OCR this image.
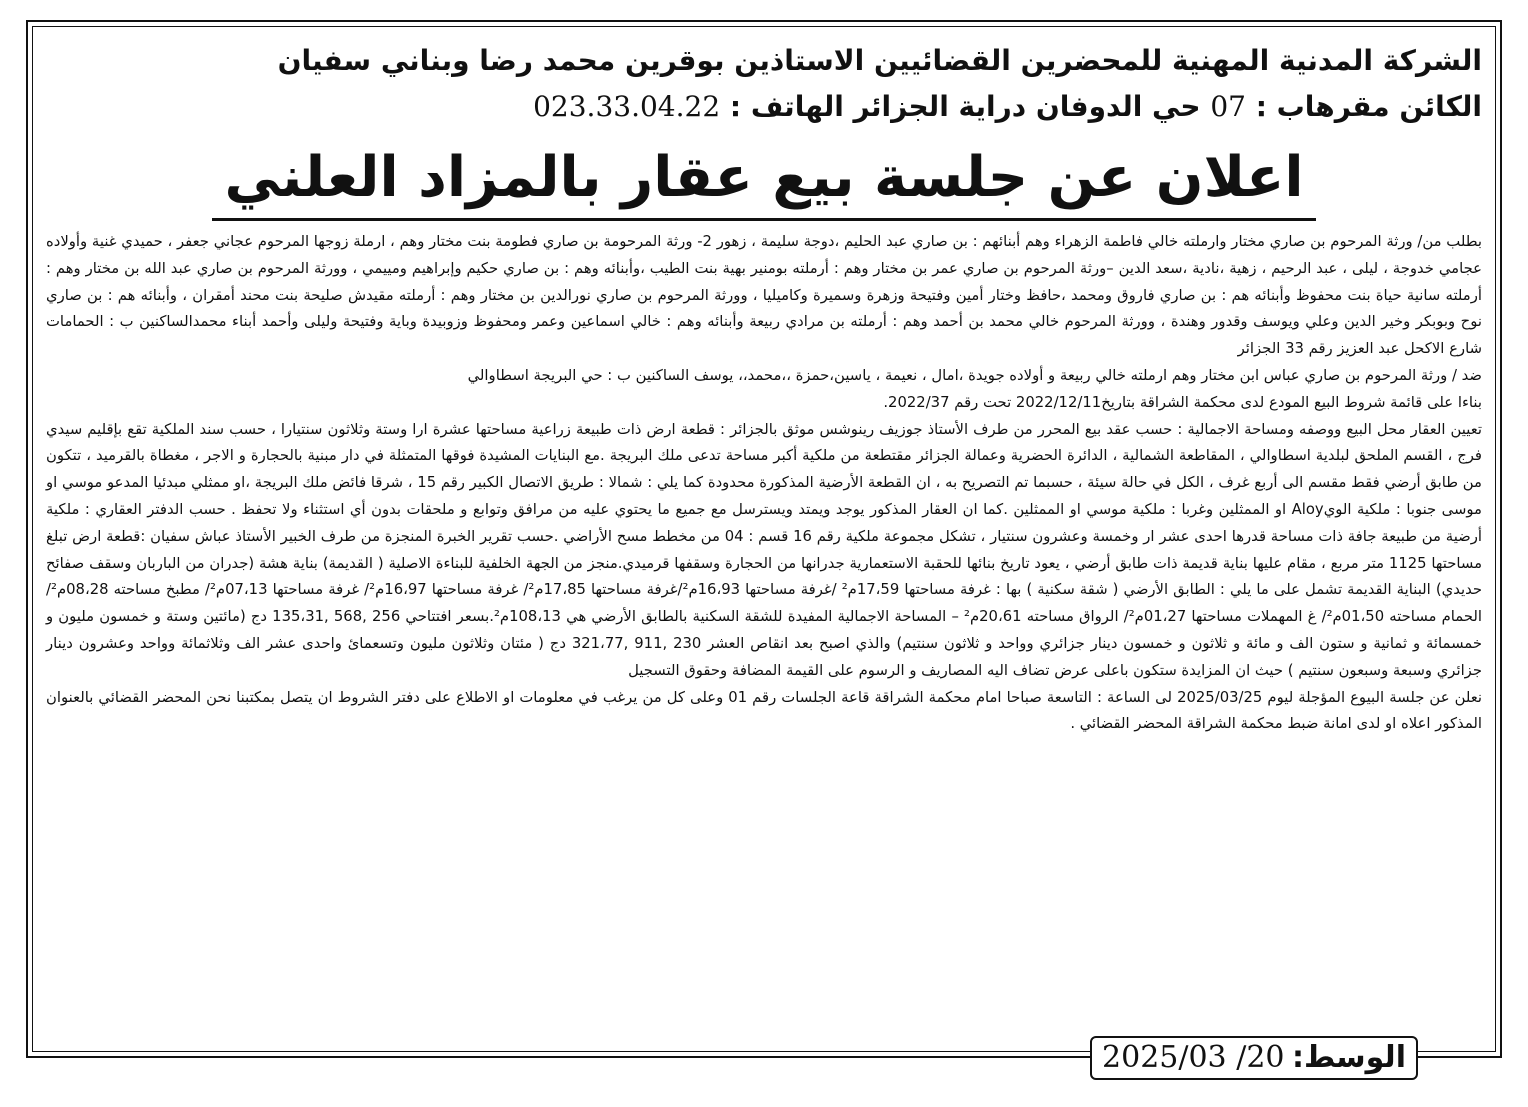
الشركة المدنية المهنية للمحضرين القضائيين الاستاذين بوقرين محمد رضا وبناني سفيان
الكائن مقرهاب : 07 حي الدوفان دراية الجزائر الهاتف : 023.33.04.22
اعلان عن جلسة بيع عقار بالمزاد العلني

بطلب من/ ورثة المرحوم بن صاري مختار وارملته خالي فاطمة الزهراء وهم أبنائهم : بن صاري عبد الحليم ،دوجة سليمة ، زهور 2- ورثة المرحومة بن صاري فطومة بنت مختار وهم ، ارملة زوجها المرحوم عجاني جعفر ، حميدي غنية وأولاده عجامي خدوجة ، ليلى ، عبد الرحيم ، زهية ،نادية ،سعد الدين –ورثة المرحوم بن صاري عمر بن مختار وهم : أرملته بومنير بهية بنت الطيب ،وأبنائه وهم : بن صاري حكيم وإبراهيم ومييمي ، وورثة المرحوم بن صاري عبد الله بن مختار وهم : أرملته سانية حياة بنت محفوظ وأبنائه هم : بن صاري فاروق ومحمد ،حافظ وختار أمين وفتيحة وزهرة وسميرة وكاميليا ، وورثة المرحوم بن صاري نورالدين بن مختار وهم : أرملته مقيدش صليحة بنت محند أمقران ، وأبنائه هم : بن صاري نوح وبوبكر وخير الدين وعلي ويوسف وقدور وهندة ، وورثة المرحوم خالي محمد بن أحمد وهم : أرملته بن مرادي ربيعة وأبنائه وهم : خالي اسماعين وعمر ومحفوظ وزوبيدة وباية وفتيحة وليلى وأحمد أبناء محمدالساكنين ب : الحمامات شارع الاكحل عبد العزيز رقم 33 الجزائر

ضد / ورثة المرحوم بن صاري عباس ابن مختار وهم ارملته خالي ربيعة و أولاده جويدة ،امال ، نعيمة ، ياسين،حمزة ،،محمد،، يوسف الساكنين ب : حي البريجة اسطاوالي

بناءا على قائمة شروط البيع المودع لدى محكمة الشراقة بتاريخ2022/12/11 تحت رقم 2022/37.

تعيين العقار محل البيع ووصفه ومساحة الاجمالية : حسب عقد بيع المحرر من طرف الأستاذ جوزيف رينوشس موثق بالجزائر : قطعة ارض ذات طبيعة زراعية مساحتها عشرة ارا وستة وثلاثون سنتيارا ، حسب سند الملكية تقع بإقليم سيدي فرج ، القسم الملحق لبلدية اسطاوالي ، المقاطعة الشمالية ، الدائرة الحضرية وعمالة الجزائر مقتطعة من ملكية أكبر مساحة تدعى ملك البريجة .مع البنايات المشيدة فوقها المتمثلة في دار مبنية بالحجارة و الاجر ، مغطاة بالقرميد ، تتكون من طابق أرضي فقط مقسم الى أربع غرف ، الكل في حالة سيئة ، حسبما تم التصريح به ، ان القطعة الأرضية المذكورة محدودة كما يلي : شمالا : طريق الاتصال الكبير رقم 15 ، شرقا فائض ملك البريجة ،او ممثلي مبدئيا المدعو موسي او موسى جنوبا : ملكية الويAloy او الممثلين وغربا : ملكية موسي او الممثلين .كما ان العقار المذكور يوجد ويمتد ويسترسل مع جميع ما يحتوي عليه من مرافق وتوابع و ملحقات بدون أي استثناء ولا تحفظ . حسب الدفتر العقاري : ملكية أرضية من طبيعة جافة ذات مساحة قدرها احدى عشر ار وخمسة وعشرون سنتيار ، تشكل مجموعة ملكية رقم 16 قسم : 04 من مخطط مسح الأراضي .حسب تقرير الخبرة المنجزة من طرف الخبير الأستاذ عباش سفيان :قطعة ارض تبلغ مساحتها 1125 متر مربع ، مقام عليها بناية قديمة ذات طابق أرضي ، يعود تاريخ بنائها للحقبة الاستعمارية جدرانها من الحجارة وسقفها قرميدي.منجز من الجهة الخلفية للبناءة الاصلية ( القديمة) بناية هشة (جدران من الباربان وسقف صفائح حديدي) البناية القديمة تشمل على ما يلي : الطابق الأرضي ( شقة سكنية ) بها : غرفة مساحتها 17،59م² /غرفة مساحتها 16،93م²/غرفة مساحتها 17،85م²/ غرفة مساحتها 16،97م²/ غرفة مساحتها 07،13م²/ مطبخ مساحته 08،28م²/الحمام مساحته 01،50م²/ غ المهملات مساحتها 01،27م²/ الرواق مساحته 20،61م² – المساحة الاجمالية المفيدة للشقة السكنية بالطابق الأرضي هي 108،13م².بسعر افتتاحي 256 ,568 ,135،31 دج (مائتين وستة و خمسون مليون و خمسمائة و ثمانية و ستون الف و مائة و ثلاثون و خمسون دينار جزائري وواحد و ثلاثون سنتيم) والذي اصبح بعد انقاص العشر 230 ,911 ,321،77 دج ( مئتان وثلاثون مليون وتسعمائ واحدى عشر الف وثلاثمائة وواحد وعشرون دينار جزائري وسبعة وسبعون سنتيم ) حيث ان المزايدة ستكون باعلى عرض تضاف اليه المصاريف و الرسوم على القيمة المضافة وحقوق التسجيل

نعلن عن جلسة البيوع المؤجلة ليوم 2025/03/25 لى الساعة : التاسعة صباحا امام محكمة الشراقة قاعة الجلسات رقم 01 وعلى كل من يرغب في معلومات او الاطلاع على دفتر الشروط ان يتصل بمكتبنا نحن المحضر القضائي بالعنوان المذكور اعلاه او لدى امانة ضبط محكمة الشراقة المحضر القضائي .

الوسط: 20/ 2025/03
